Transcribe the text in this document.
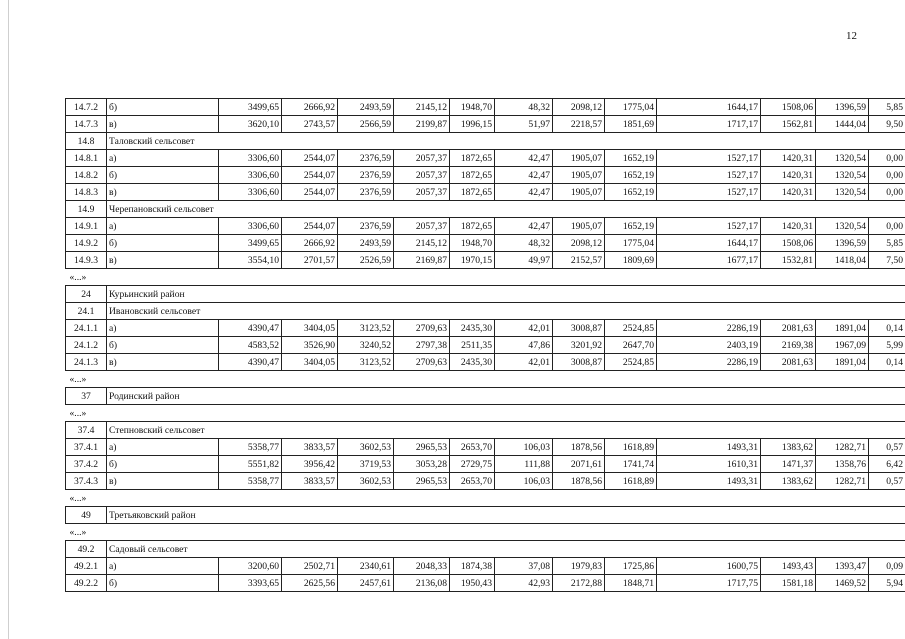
12
14.7.2	б)	3499,65	2666,92	2493,59	2145,12	1948,70	48,32	2098,12	1775,04	1644,17	1508,06	1396,59	5,85
14.7.3	в)	3620,10	2743,57	2566,59	2199,87	1996,15	51,97	2218,57	1851,69	1717,17	1562,81	1444,04	9,50
14.8	Таловский сельсовет												
14.8.1	а)	3306,60	2544,07	2376,59	2057,37	1872,65	42,47	1905,07	1652,19	1527,17	1420,31	1320,54	0,00
14.8.2	б)	3306,60	2544,07	2376,59	2057,37	1872,65	42,47	1905,07	1652,19	1527,17	1420,31	1320,54	0,00
14.8.3	в)	3306,60	2544,07	2376,59	2057,37	1872,65	42,47	1905,07	1652,19	1527,17	1420,31	1320,54	0,00
14.9	Черепановский сельсовет												
14.9.1	а)	3306,60	2544,07	2376,59	2057,37	1872,65	42,47	1905,07	1652,19	1527,17	1420,31	1320,54	0,00
14.9.2	б)	3499,65	2666,92	2493,59	2145,12	1948,70	48,32	2098,12	1775,04	1644,17	1508,06	1396,59	5,85
14.9.3	в)	3554,10	2701,57	2526,59	2169,87	1970,15	49,97	2152,57	1809,69	1677,17	1532,81	1418,04	7,50
«...»													
24	Курьинский район												
24.1	Ивановский сельсовет												
24.1.1	а)	4390,47	3404,05	3123,52	2709,63	2435,30	42,01	3008,87	2524,85	2286,19	2081,63	1891,04	0,14
24.1.2	б)	4583,52	3526,90	3240,52	2797,38	2511,35	47,86	3201,92	2647,70	2403,19	2169,38	1967,09	5,99
24.1.3	в)	4390,47	3404,05	3123,52	2709,63	2435,30	42,01	3008,87	2524,85	2286,19	2081,63	1891,04	0,14
«...»													
37	Родинский район												
«...»													
37.4	Степновский сельсовет												
37.4.1	а)	5358,77	3833,57	3602,53	2965,53	2653,70	106,03	1878,56	1618,89	1493,31	1383,62	1282,71	0,57
37.4.2	б)	5551,82	3956,42	3719,53	3053,28	2729,75	111,88	2071,61	1741,74	1610,31	1471,37	1358,76	6,42
37.4.3	в)	5358,77	3833,57	3602,53	2965,53	2653,70	106,03	1878,56	1618,89	1493,31	1383,62	1282,71	0,57
«...»													
49	Третьяковский район												
«...»													
49.2	Садовый сельсовет												
49.2.1	а)	3200,60	2502,71	2340,61	2048,33	1874,38	37,08	1979,83	1725,86	1600,75	1493,43	1393,47	0,09
49.2.2	б)	3393,65	2625,56	2457,61	2136,08	1950,43	42,93	2172,88	1848,71	1717,75	1581,18	1469,52	5,94
